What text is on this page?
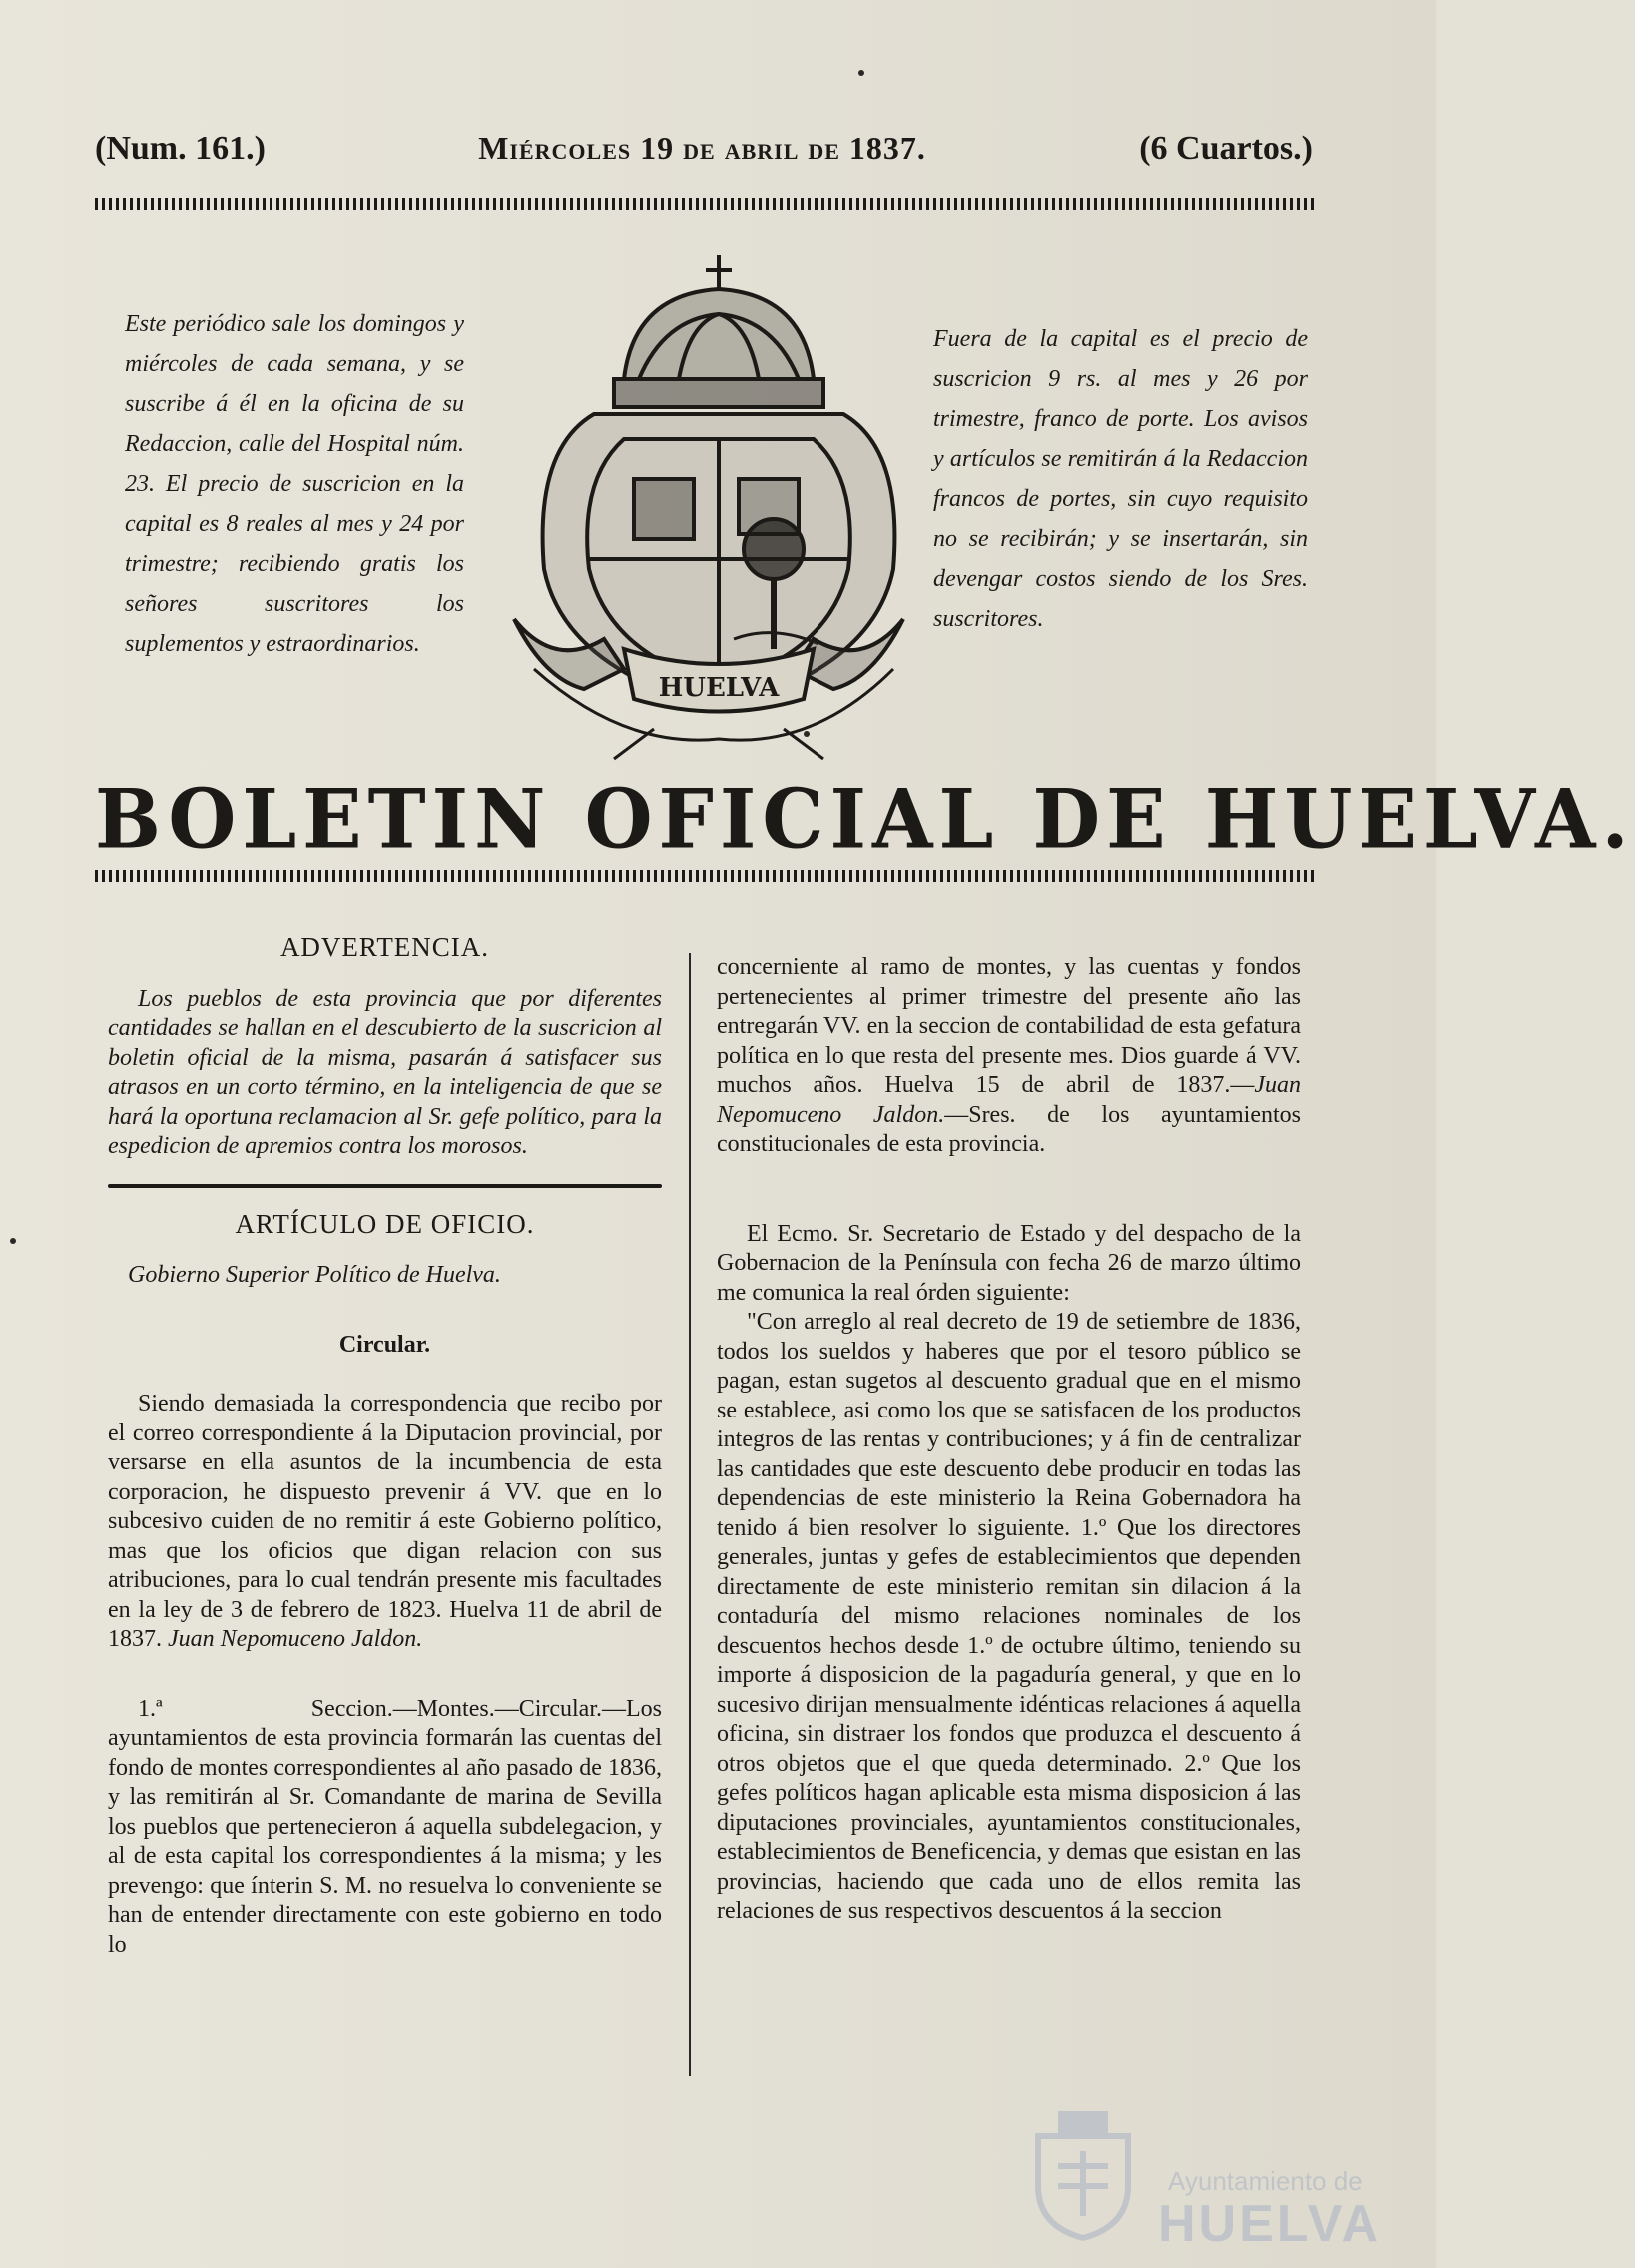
(Num. 161.)	Miércoles 19 de abril de 1837.	(6 Cuartos.)
Este periódico sale los domingos y miércoles de cada semana, y se suscribe á él en la oficina de su Redaccion, calle del Hospital núm. 23. El precio de suscricion en la capital es 8 reales al mes y 24 por trimestre; recibiendo gratis los señores suscritores los suplementos y estraordinarios.
HUELVA
Fuera de la capital es el precio de suscricion 9 rs. al mes y 26 por trimestre, franco de porte. Los avisos y artículos se remitirán á la Redaccion francos de portes, sin cuyo requisito no se recibirán; y se insertarán, sin devengar costos siendo de los Sres. suscritores.
BOLETIN OFICIAL DE HUELVA.
ADVERTENCIA.

Los pueblos de esta provincia que por diferentes cantidades se hallan en el descubierto de la suscricion al boletin oficial de la misma, pasarán á satisfacer sus atrasos en un corto término, en la inteligencia de que se hará la oportuna reclamacion al Sr. gefe político, para la espedicion de apremios contra los morosos.

ARTÍCULO DE OFICIO.
Gobierno Superior Político de Huelva.
Circular.

Siendo demasiada la correspondencia que recibo por el correo correspondiente á la Diputacion provincial, por versarse en ella asuntos de la incumbencia de esta corporacion, he dispuesto prevenir á VV. que en lo subcesivo cuiden de no remitir á este Gobierno político, mas que los oficios que digan relacion con sus atribuciones, para lo cual tendrán presente mis facultades en la ley de 3 de febrero de 1823. Huelva 11 de abril de 1837. Juan Nepomuceno Jaldon.

1.ª Seccion.—Montes.—Circular.—Los ayuntamientos de esta provincia formarán las cuentas del fondo de montes correspondientes al año pasado de 1836, y las remitirán al Sr. Comandante de marina de Sevilla los pueblos que pertenecieron á aquella subdelegacion, y al de esta capital los correspondientes á la misma; y les prevengo: que ínterin S. M. no resuelva lo conveniente se han de entender directamente con este gobierno en todo lo

concerniente al ramo de montes, y las cuentas y fondos pertenecientes al primer trimestre del presente año las entregarán VV. en la seccion de contabilidad de esta gefatura política en lo que resta del presente mes. Dios guarde á VV. muchos años. Huelva 15 de abril de 1837.—Juan Nepomuceno Jaldon.—Sres. de los ayuntamientos constitucionales de esta provincia.

El Ecmo. Sr. Secretario de Estado y del despacho de la Gobernacion de la Península con fecha 26 de marzo último me comunica la real órden siguiente:

"Con arreglo al real decreto de 19 de setiembre de 1836, todos los sueldos y haberes que por el tesoro público se pagan, estan sugetos al descuento gradual que en el mismo se establece, asi como los que se satisfacen de los productos integros de las rentas y contribuciones; y á fin de centralizar las cantidades que este descuento debe producir en todas las dependencias de este ministerio la Reina Gobernadora ha tenido á bien resolver lo siguiente. 1.º Que los directores generales, juntas y gefes de establecimientos que dependen directamente de este ministerio remitan sin dilacion á la contaduría del mismo relaciones nominales de los descuentos hechos desde 1.º de octubre último, teniendo su importe á disposicion de la pagaduría general, y que en lo sucesivo dirijan mensualmente idénticas relaciones á aquella oficina, sin distraer los fondos que produzca el descuento á otros objetos que el que queda determinado. 2.º Que los gefes políticos hagan aplicable esta misma disposicion á las diputaciones provinciales, ayuntamientos constitucionales, establecimientos de Beneficencia, y demas que esistan en las provincias, haciendo que cada uno de ellos remita las relaciones de sus respectivos descuentos á la seccion

Ayuntamiento de
HUELVA
